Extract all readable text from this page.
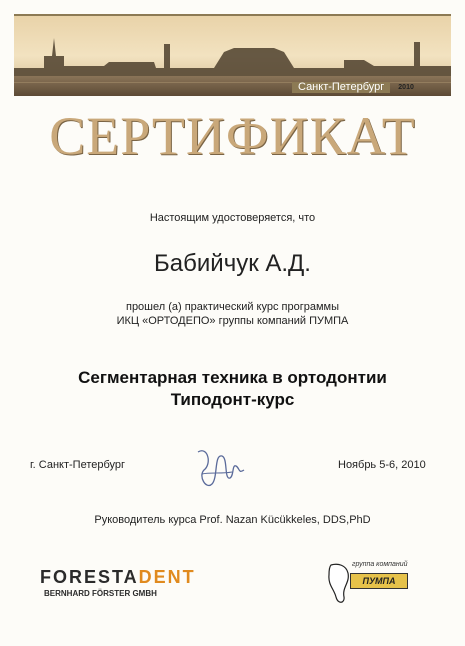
Санкт-Петербург	2010
СЕРТИФИКАТ
Настоящим удостоверяется, что
Бабийчук А.Д.
прошел (а) практический курс программы
ИКЦ «ОРТОДЕПО» группы компаний ПУМПА
Сегментарная техника в ортодонтии
Типодонт-курс
г. Санкт-Петербург	Ноябрь 5-6, 2010
Руководитель курса Prof. Nazan Kücükkeles, DDS,PhD
FORESTA DENT
BERNHARD FÖRSTER GMBH
группа компаний
ПУМПА
